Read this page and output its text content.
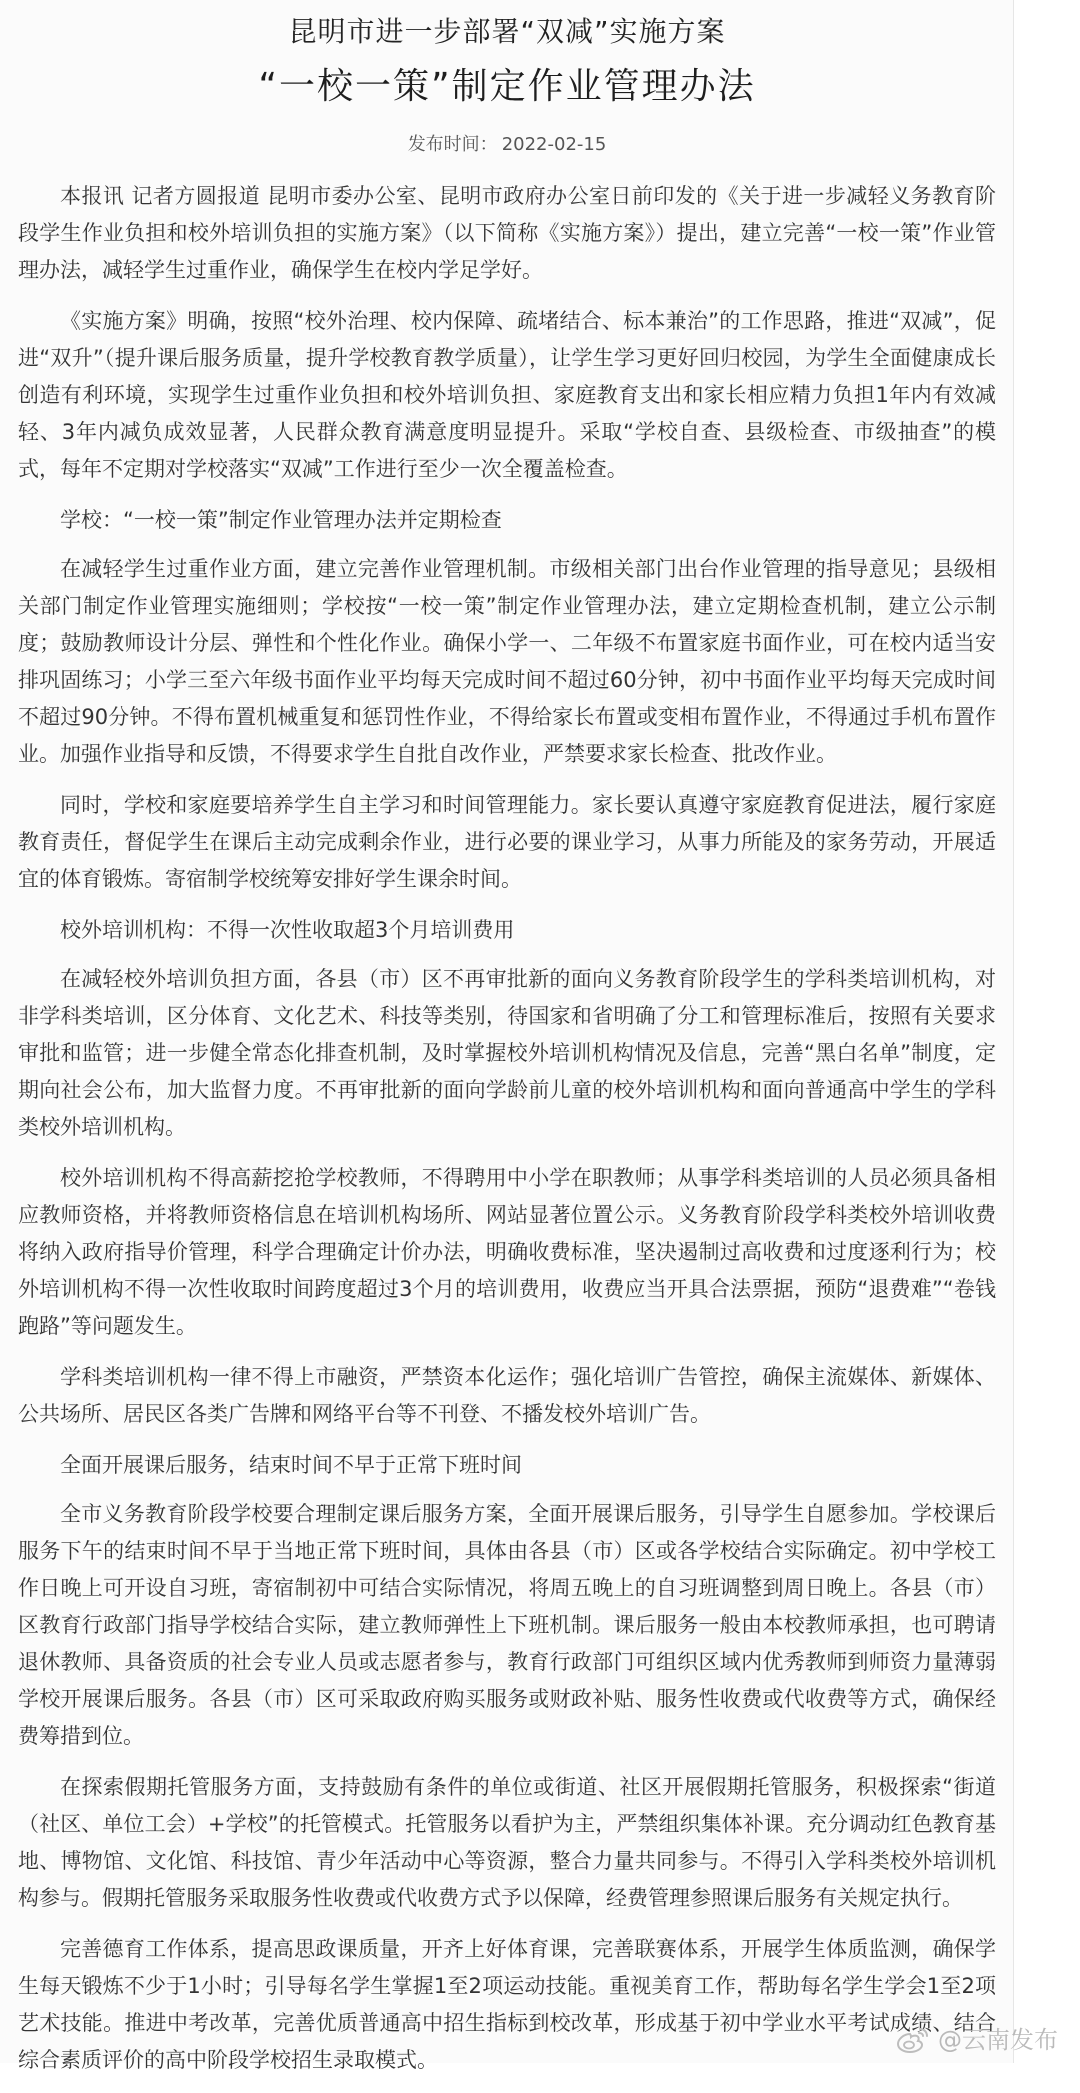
昆明市进一步部署“双减”实施方案
“一校一策”制定作业管理办法
发布时间： 2022-02-15

本报讯 记者方圆报道 昆明市委办公室、昆明市政府办公室日前印发的《关于进一步减轻义务教育阶段学生作业负担和校外培训负担的实施方案》（以下简称《实施方案》）提出，建立完善“一校一策”作业管理办法，减轻学生过重作业，确保学生在校内学足学好。

《实施方案》明确，按照“校外治理、校内保障、疏堵结合、标本兼治”的工作思路，推进“双减”，促进“双升”（提升课后服务质量，提升学校教育教学质量），让学生学习更好回归校园，为学生全面健康成长创造有利环境，实现学生过重作业负担和校外培训负担、家庭教育支出和家长相应精力负担1年内有效减轻、3年内减负成效显著，人民群众教育满意度明显提升。采取“学校自查、县级检查、市级抽查”的模式，每年不定期对学校落实“双减”工作进行至少一次全覆盖检查。

学校：“一校一策”制定作业管理办法并定期检查

在减轻学生过重作业方面，建立完善作业管理机制。市级相关部门出台作业管理的指导意见；县级相关部门制定作业管理实施细则；学校按“一校一策”制定作业管理办法，建立定期检查机制，建立公示制度；鼓励教师设计分层、弹性和个性化作业。确保小学一、二年级不布置家庭书面作业，可在校内适当安排巩固练习；小学三至六年级书面作业平均每天完成时间不超过60分钟，初中书面作业平均每天完成时间不超过90分钟。不得布置机械重复和惩罚性作业，不得给家长布置或变相布置作业，不得通过手机布置作业。加强作业指导和反馈，不得要求学生自批自改作业，严禁要求家长检查、批改作业。

同时，学校和家庭要培养学生自主学习和时间管理能力。家长要认真遵守家庭教育促进法，履行家庭教育责任，督促学生在课后主动完成剩余作业，进行必要的课业学习，从事力所能及的家务劳动，开展适宜的体育锻炼。寄宿制学校统筹安排好学生课余时间。

校外培训机构：不得一次性收取超3个月培训费用

在减轻校外培训负担方面，各县（市）区不再审批新的面向义务教育阶段学生的学科类培训机构，对非学科类培训，区分体育、文化艺术、科技等类别，待国家和省明确了分工和管理标准后，按照有关要求审批和监管；进一步健全常态化排查机制，及时掌握校外培训机构情况及信息，完善“黑白名单”制度，定期向社会公布，加大监督力度。不再审批新的面向学龄前儿童的校外培训机构和面向普通高中学生的学科类校外培训机构。

校外培训机构不得高薪挖抢学校教师，不得聘用中小学在职教师；从事学科类培训的人员必须具备相应教师资格，并将教师资格信息在培训机构场所、网站显著位置公示。义务教育阶段学科类校外培训收费将纳入政府指导价管理，科学合理确定计价办法，明确收费标准，坚决遏制过高收费和过度逐利行为；校外培训机构不得一次性收取时间跨度超过3个月的培训费用，收费应当开具合法票据，预防“退费难”“卷钱跑路”等问题发生。

学科类培训机构一律不得上市融资，严禁资本化运作；强化培训广告管控，确保主流媒体、新媒体、公共场所、居民区各类广告牌和网络平台等不刊登、不播发校外培训广告。

全面开展课后服务，结束时间不早于正常下班时间

全市义务教育阶段学校要合理制定课后服务方案，全面开展课后服务，引导学生自愿参加。学校课后服务下午的结束时间不早于当地正常下班时间，具体由各县（市）区或各学校结合实际确定。初中学校工作日晚上可开设自习班，寄宿制初中可结合实际情况，将周五晚上的自习班调整到周日晚上。各县（市）区教育行政部门指导学校结合实际，建立教师弹性上下班机制。课后服务一般由本校教师承担，也可聘请退休教师、具备资质的社会专业人员或志愿者参与，教育行政部门可组织区域内优秀教师到师资力量薄弱学校开展课后服务。各县（市）区可采取政府购买服务或财政补贴、服务性收费或代收费等方式，确保经费筹措到位。

在探索假期托管服务方面，支持鼓励有条件的单位或街道、社区开展假期托管服务，积极探索“街道（社区、单位工会）+学校”的托管模式。托管服务以看护为主，严禁组织集体补课。充分调动红色教育基地、博物馆、文化馆、科技馆、青少年活动中心等资源，整合力量共同参与。不得引入学科类校外培训机构参与。假期托管服务采取服务性收费或代收费方式予以保障，经费管理参照课后服务有关规定执行。

完善德育工作体系，提高思政课质量，开齐上好体育课，完善联赛体系，开展学生体质监测，确保学生每天锻炼不少于1小时；引导每名学生掌握1至2项运动技能。重视美育工作，帮助每名学生学会1至2项艺术技能。推进中考改革，完善优质普通高中招生指标到校改革，形成基于初中学业水平考试成绩、结合综合素质评价的高中阶段学校招生录取模式。

@云南发布
